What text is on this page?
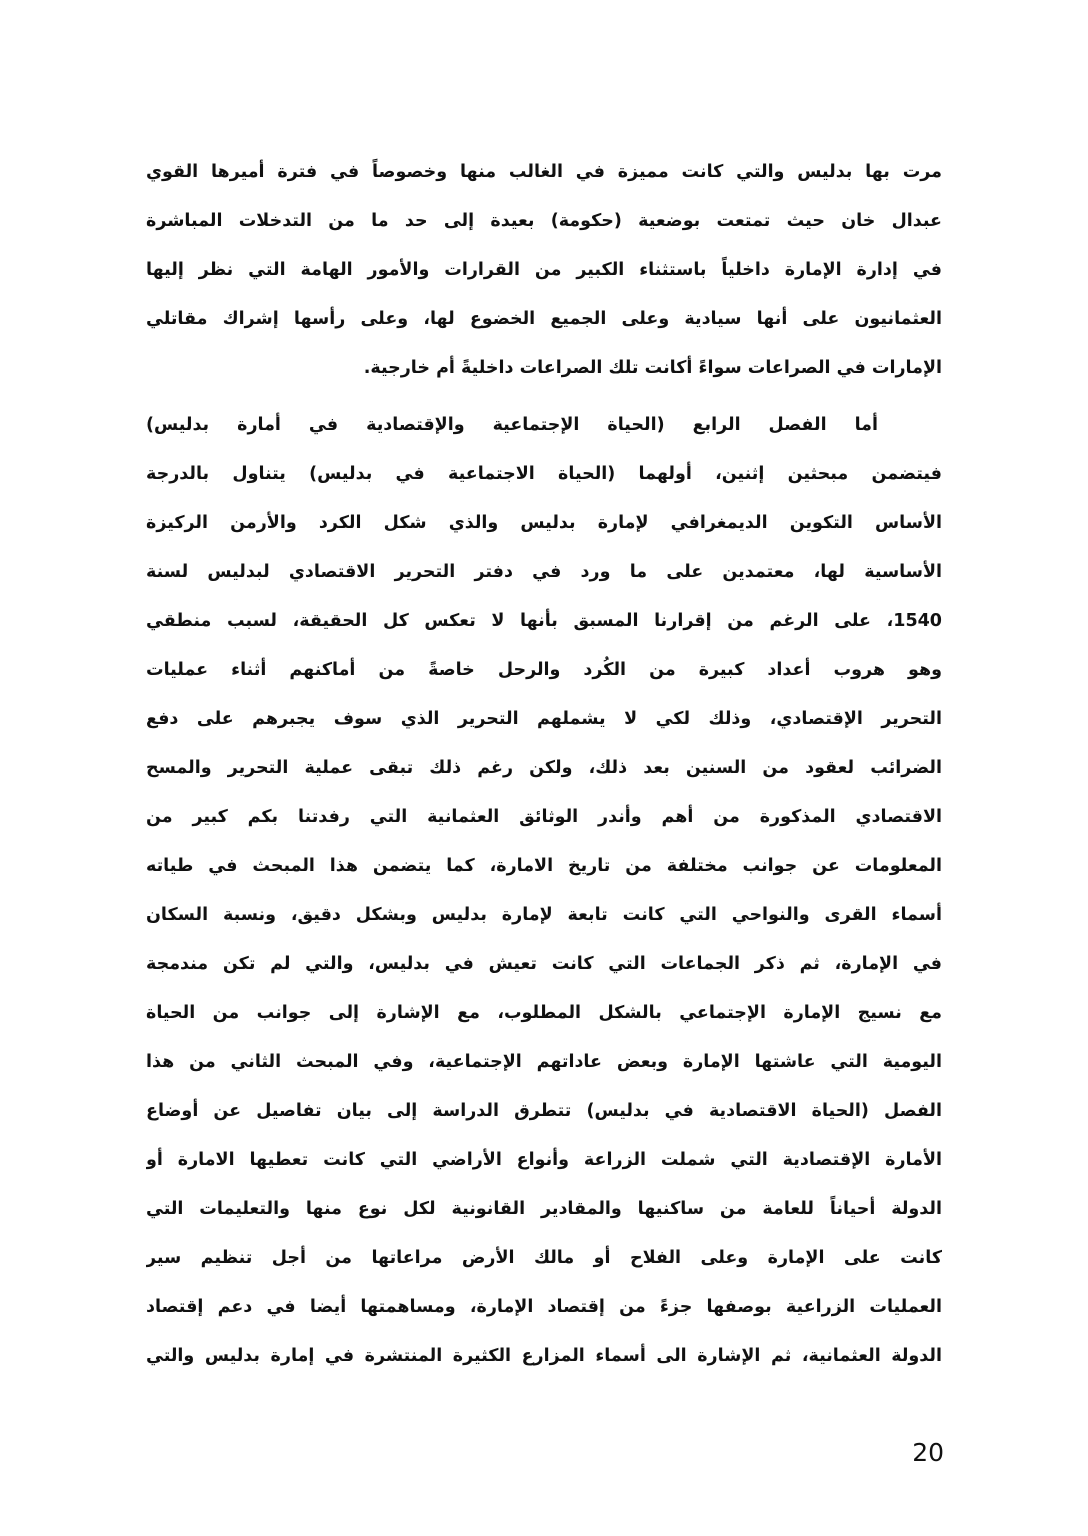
مرت بها بدليس والتي كانت مميزة في الغالب منها وخصوصاً في فترة أميرها القوي
عبدال خان حيث تمتعت بوضعية (حكومة) بعيدة إلى حد ما من التدخلات المباشرة
في إدارة الإمارة داخلياً باستثناء الكبير من القرارات والأمور الهامة التي نظر إليها
العثمانيون على أنها سيادية وعلى الجميع الخضوع لها، وعلى رأسها إشراك مقاتلي
الإمارات في الصراعات سواءً أكانت تلك الصراعات داخليةً أم خارجية.
أما الفصل الرابع (الحياة الإجتماعية والإقتصادية في أمارة بدليس)
فيتضمن مبحثين إثنين، أولهما (الحياة الاجتماعية في بدليس) يتناول بالدرجة
الأساس التكوين الديمغرافي لإمارة بدليس والذي شكل الكرد والأرمن الركيزة
الأساسية لها، معتمدين على ما ورد في دفتر التحرير الاقتصادي لبدليس لسنة
1540، على الرغم من إقرارنا المسبق بأنها لا تعكس كل الحقيقة، لسبب منطقي
وهو هروب أعداد كبيرة من الكُرد والرحل خاصةً من أماكنهم أثناء عمليات
التحرير الإقتصادي، وذلك لكي لا يشملهم التحرير الذي سوف يجبرهم على دفع
الضرائب لعقود من السنين بعد ذلك، ولكن رغم ذلك تبقى عملية التحرير والمسح
الاقتصادي المذكورة من أهم وأندر الوثائق العثمانية التي رفدتنا بكم كبير من
المعلومات عن جوانب مختلفة من تاريخ الامارة، كما يتضمن هذا المبحث في طياته
أسماء القرى والنواحي التي كانت تابعة لإمارة بدليس وبشكل دقيق، ونسبة السكان
في الإمارة، ثم ذكر الجماعات التي كانت تعيش في بدليس، والتي لم تكن مندمجة
مع نسيج الإمارة الإجتماعي بالشكل المطلوب، مع الإشارة إلى جوانب من الحياة
اليومية التي عاشتها الإمارة وبعض عاداتهم الإجتماعية، وفي المبحث الثاني من هذا
الفصل (الحياة الاقتصادية في بدليس) تتطرق الدراسة إلى بيان تفاصيل عن أوضاع
الأمارة الإقتصادية التي شملت الزراعة وأنواع الأراضي التي كانت تعطيها الامارة أو
الدولة أحياناً للعامة من ساكنيها والمقادير القانونية لكل نوع منها والتعليمات التي
كانت على الإمارة وعلى الفلاح أو مالك الأرض مراعاتها من أجل تنظيم سير
العمليات الزراعية بوصفها جزءً من إقتصاد الإمارة، ومساهمتها أيضا في دعم إقتصاد
الدولة العثمانية، ثم الإشارة الى أسماء المزارع الكثيرة المنتشرة في إمارة بدليس والتي
20
